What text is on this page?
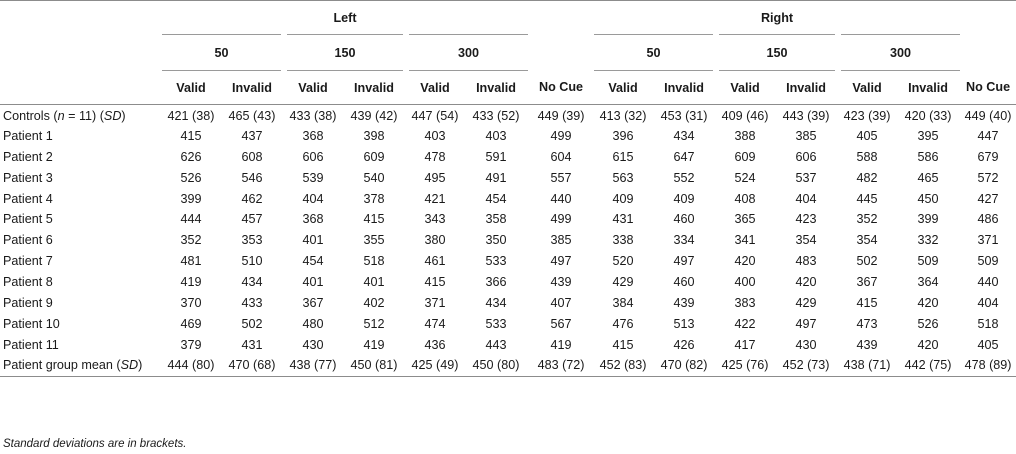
	Left							Right						
	50		150		300			50		150		300		
	Valid	Invalid	Valid	Invalid	Valid	Invalid	No Cue	Valid	Invalid	Valid	Invalid	Valid	Invalid	No Cue
Controls (n = 11) (SD)	421 (38)	465 (43)	433 (38)	439 (42)	447 (54)	433 (52)	449 (39)	413 (32)	453 (31)	409 (46)	443 (39)	423 (39)	420 (33)	449 (40)
Patient 1	415	437	368	398	403	403	499	396	434	388	385	405	395	447
Patient 2	626	608	606	609	478	591	604	615	647	609	606	588	586	679
Patient 3	526	546	539	540	495	491	557	563	552	524	537	482	465	572
Patient 4	399	462	404	378	421	454	440	409	409	408	404	445	450	427
Patient 5	444	457	368	415	343	358	499	431	460	365	423	352	399	486
Patient 6	352	353	401	355	380	350	385	338	334	341	354	354	332	371
Patient 7	481	510	454	518	461	533	497	520	497	420	483	502	509	509
Patient 8	419	434	401	401	415	366	439	429	460	400	420	367	364	440
Patient 9	370	433	367	402	371	434	407	384	439	383	429	415	420	404
Patient 10	469	502	480	512	474	533	567	476	513	422	497	473	526	518
Patient 11	379	431	430	419	436	443	419	415	426	417	430	439	420	405
Patient group mean (SD)	444 (80)	470 (68)	438 (77)	450 (81)	425 (49)	450 (80)	483 (72)	452 (83)	470 (82)	425 (76)	452 (73)	438 (71)	442 (75)	478 (89)
Standard deviations are in brackets.
